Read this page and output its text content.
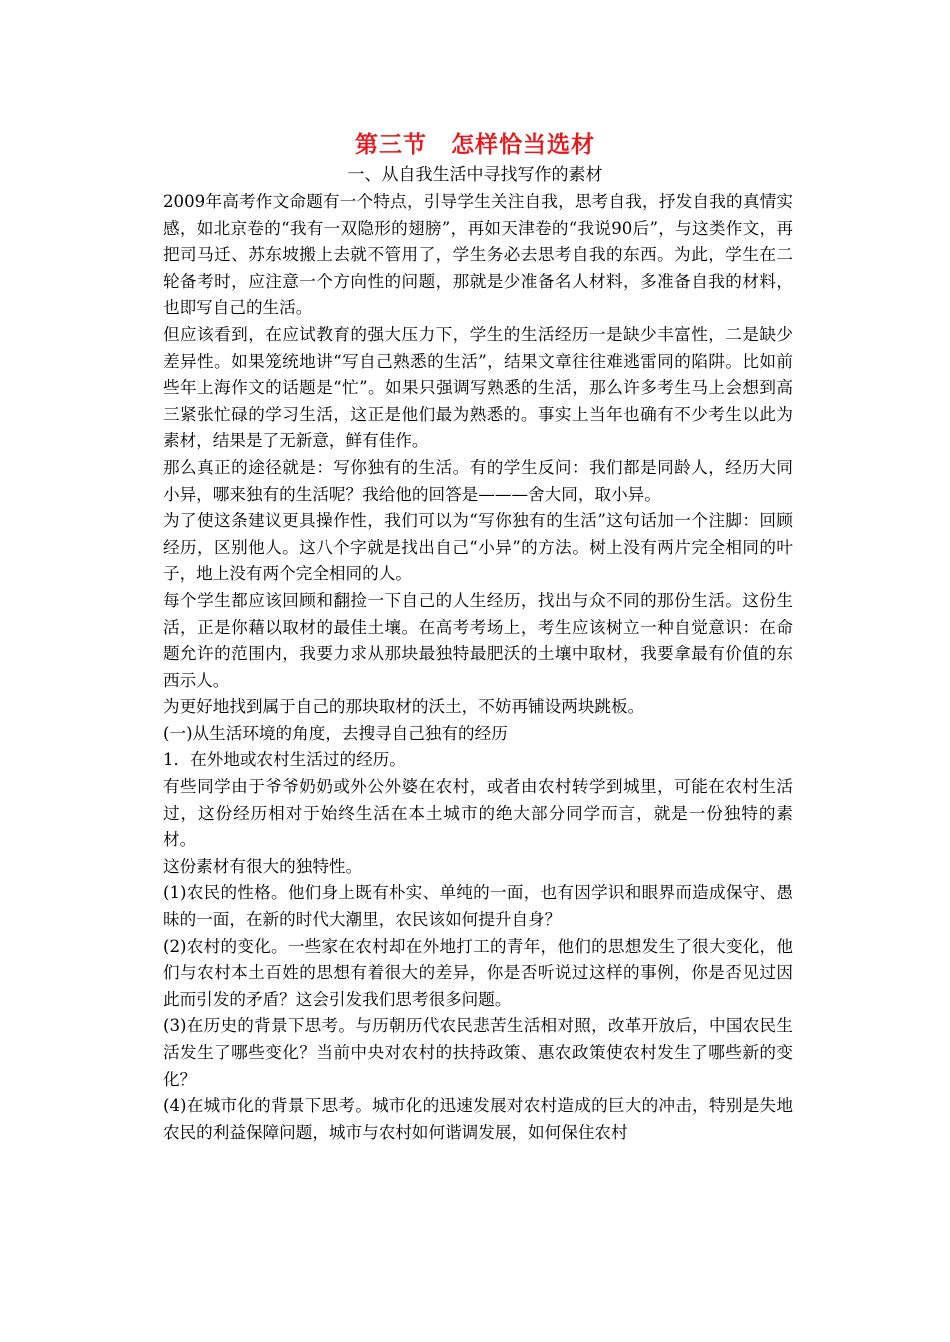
第三节　怎样恰当选材
一、从自我生活中寻找写作的素材

2009年高考作文命题有一个特点，引导学生关注自我，思考自我，抒发自我的真情实感，如北京卷的“我有一双隐形的翅膀”，再如天津卷的“我说90后”，与这类作文，再把司马迁、苏东坡搬上去就不管用了，学生务必去思考自我的东西。为此，学生在二轮备考时，应注意一个方向性的问题，那就是少准备名人材料，多准备自我的材料，也即写自己的生活。

但应该看到，在应试教育的强大压力下，学生的生活经历一是缺少丰富性，二是缺少差异性。如果笼统地讲“写自己熟悉的生活”，结果文章往往难逃雷同的陷阱。比如前些年上海作文的话题是“忙”。如果只强调写熟悉的生活，那么许多考生马上会想到高三紧张忙碌的学习生活，这正是他们最为熟悉的。事实上当年也确有不少考生以此为素材，结果是了无新意，鲜有佳作。

那么真正的途径就是：写你独有的生活。有的学生反问：我们都是同龄人，经历大同小异，哪来独有的生活呢？我给他的回答是———舍大同，取小异。

为了使这条建议更具操作性，我们可以为“写你独有的生活”这句话加一个注脚：回顾经历，区别他人。这八个字就是找出自己“小异”的方法。树上没有两片完全相同的叶子，地上没有两个完全相同的人。

每个学生都应该回顾和翻捡一下自己的人生经历，找出与众不同的那份生活。这份生活，正是你藉以取材的最佳土壤。在高考考场上，考生应该树立一种自觉意识：在命题允许的范围内，我要力求从那块最独特最肥沃的土壤中取材，我要拿最有价值的东西示人。

为更好地找到属于自己的那块取材的沃土，不妨再铺设两块跳板。

(一)从生活环境的角度，去搜寻自己独有的经历

1．在外地或农村生活过的经历。

有些同学由于爷爷奶奶或外公外婆在农村，或者由农村转学到城里，可能在农村生活过，这份经历相对于始终生活在本土城市的绝大部分同学而言，就是一份独特的素材。

这份素材有很大的独特性。

(1)农民的性格。他们身上既有朴实、单纯的一面，也有因学识和眼界而造成保守、愚昧的一面，在新的时代大潮里，农民该如何提升自身？

(2)农村的变化。一些家在农村却在外地打工的青年，他们的思想发生了很大变化，他们与农村本土百姓的思想有着很大的差异，你是否听说过这样的事例，你是否见过因此而引发的矛盾？这会引发我们思考很多问题。

(3)在历史的背景下思考。与历朝历代农民悲苦生活相对照，改革开放后，中国农民生活发生了哪些变化？当前中央对农村的扶持政策、惠农政策使农村发生了哪些新的变化？

(4)在城市化的背景下思考。城市化的迅速发展对农村造成的巨大的冲击，特别是失地农民的利益保障问题，城市与农村如何谐调发展，如何保住农村
